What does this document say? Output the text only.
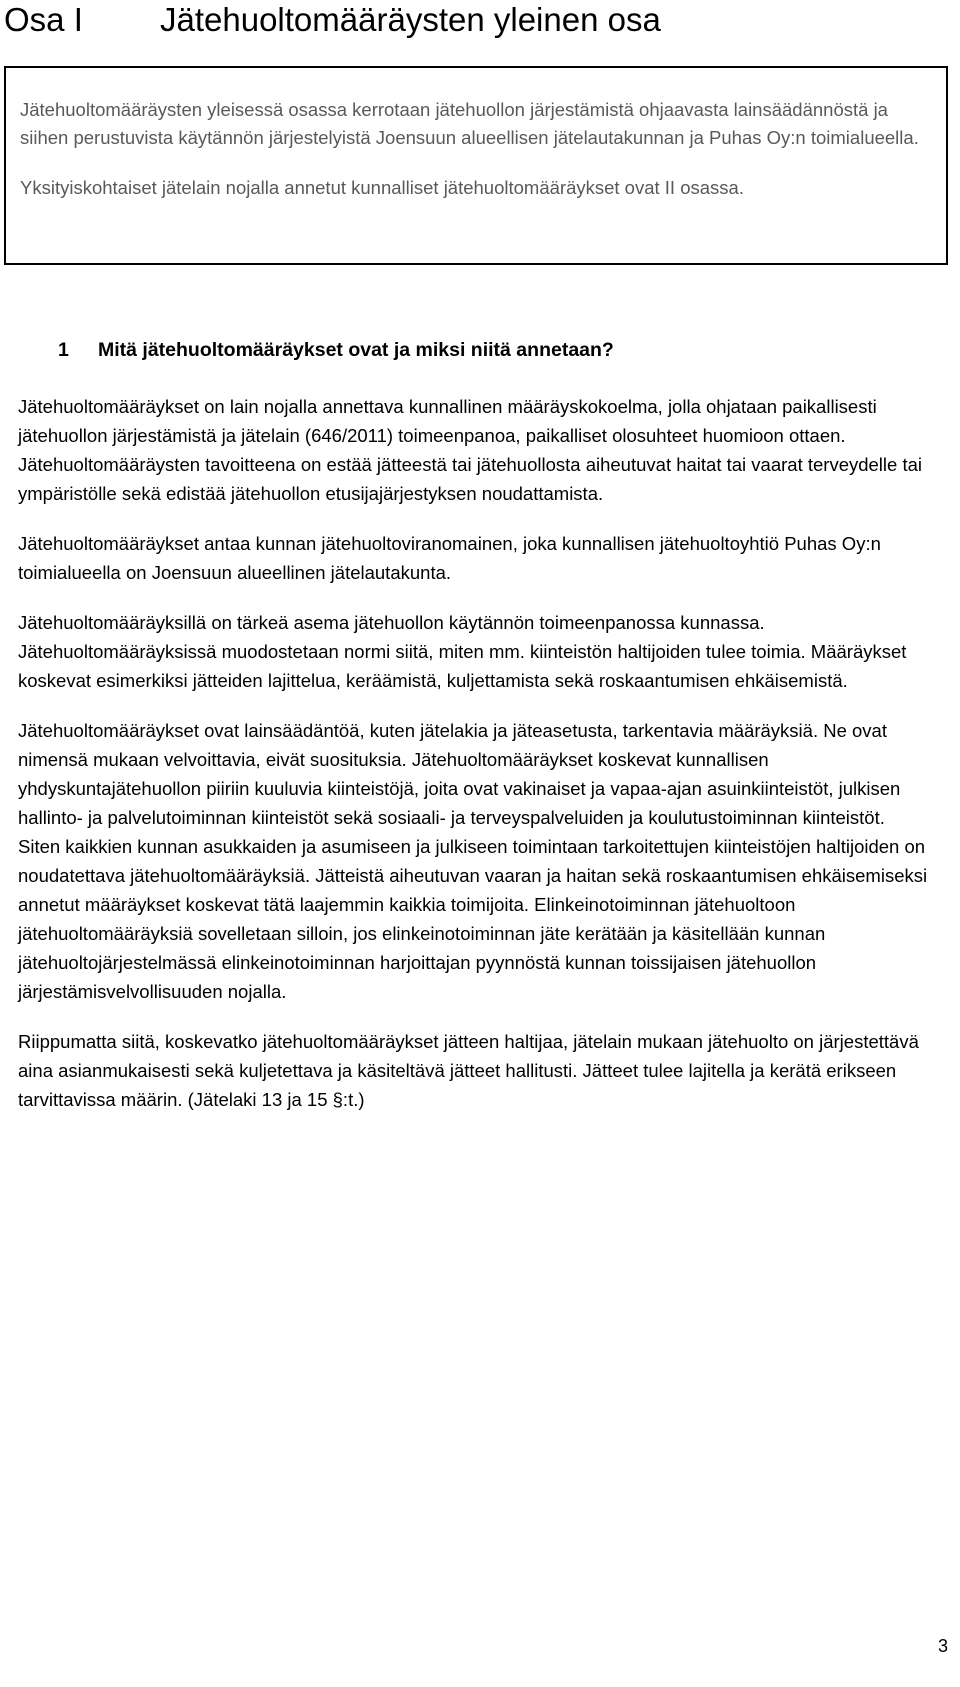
Osa I Jätehuoltomääräysten yleinen osa

Jätehuoltomääräysten yleisessä osassa kerrotaan jätehuollon järjestämistä ohjaavasta lainsäädännöstä ja siihen perustuvista käytännön järjestelyistä Joensuun alueellisen jätelautakunnan ja Puhas Oy:n toimialueella.

Yksityiskohtaiset jätelain nojalla annetut kunnalliset jätehuoltomääräykset ovat II osassa.

1 Mitä jätehuoltomääräykset ovat ja miksi niitä annetaan?

Jätehuoltomääräykset on lain nojalla annettava kunnallinen määräyskokoelma, jolla ohjataan paikallisesti jätehuollon järjestämistä ja jätelain (646/2011) toimeenpanoa, paikalliset olosuhteet huomioon ottaen. Jätehuoltomääräysten tavoitteena on estää jätteestä tai jätehuollosta aiheutuvat haitat tai vaarat terveydelle tai ympäristölle sekä edistää jätehuollon etusijajärjestyksen noudattamista.

Jätehuoltomääräykset antaa kunnan jätehuoltoviranomainen, joka kunnallisen jätehuoltoyhtiö Puhas Oy:n toimialueella on Joensuun alueellinen jätelautakunta.

Jätehuoltomääräyksillä on tärkeä asema jätehuollon käytännön toimeenpanossa kunnassa. Jätehuoltomääräyksissä muodostetaan normi siitä, miten mm. kiinteistön haltijoiden tulee toimia. Määräykset koskevat esimerkiksi jätteiden lajittelua, keräämistä, kuljettamista sekä roskaantumisen ehkäisemistä.

Jätehuoltomääräykset ovat lainsäädäntöä, kuten jätelakia ja jäteasetusta, tarkentavia määräyksiä. Ne ovat nimensä mukaan velvoittavia, eivät suosituksia. Jätehuoltomääräykset koskevat kunnallisen yhdyskuntajätehuollon piiriin kuuluvia kiinteistöjä, joita ovat vakinaiset ja vapaa-ajan asuinkiinteistöt, julkisen hallinto- ja palvelutoiminnan kiinteistöt sekä sosiaali- ja terveyspalveluiden ja koulutustoiminnan kiinteistöt. Siten kaikkien kunnan asukkaiden ja asumiseen ja julkiseen toimintaan tarkoitettujen kiinteistöjen haltijoiden on noudatettava jätehuoltomääräyksiä. Jätteistä aiheutuvan vaaran ja haitan sekä roskaantumisen ehkäisemiseksi annetut määräykset koskevat tätä laajemmin kaikkia toimijoita. Elinkeinotoiminnan jätehuoltoon jätehuoltomääräyksiä sovelletaan silloin, jos elinkeinotoiminnan jäte kerätään ja käsitellään kunnan jätehuoltojärjestelmässä elinkeinotoiminnan harjoittajan pyynnöstä kunnan toissijaisen jätehuollon järjestämisvelvollisuuden nojalla.

Riippumatta siitä, koskevatko jätehuoltomääräykset jätteen haltijaa, jätelain mukaan jätehuolto on järjestettävä aina asianmukaisesti sekä kuljetettava ja käsiteltävä jätteet hallitusti. Jätteet tulee lajitella ja kerätä erikseen tarvittavissa määrin. (Jätelaki 13 ja 15 §:t.)

3
